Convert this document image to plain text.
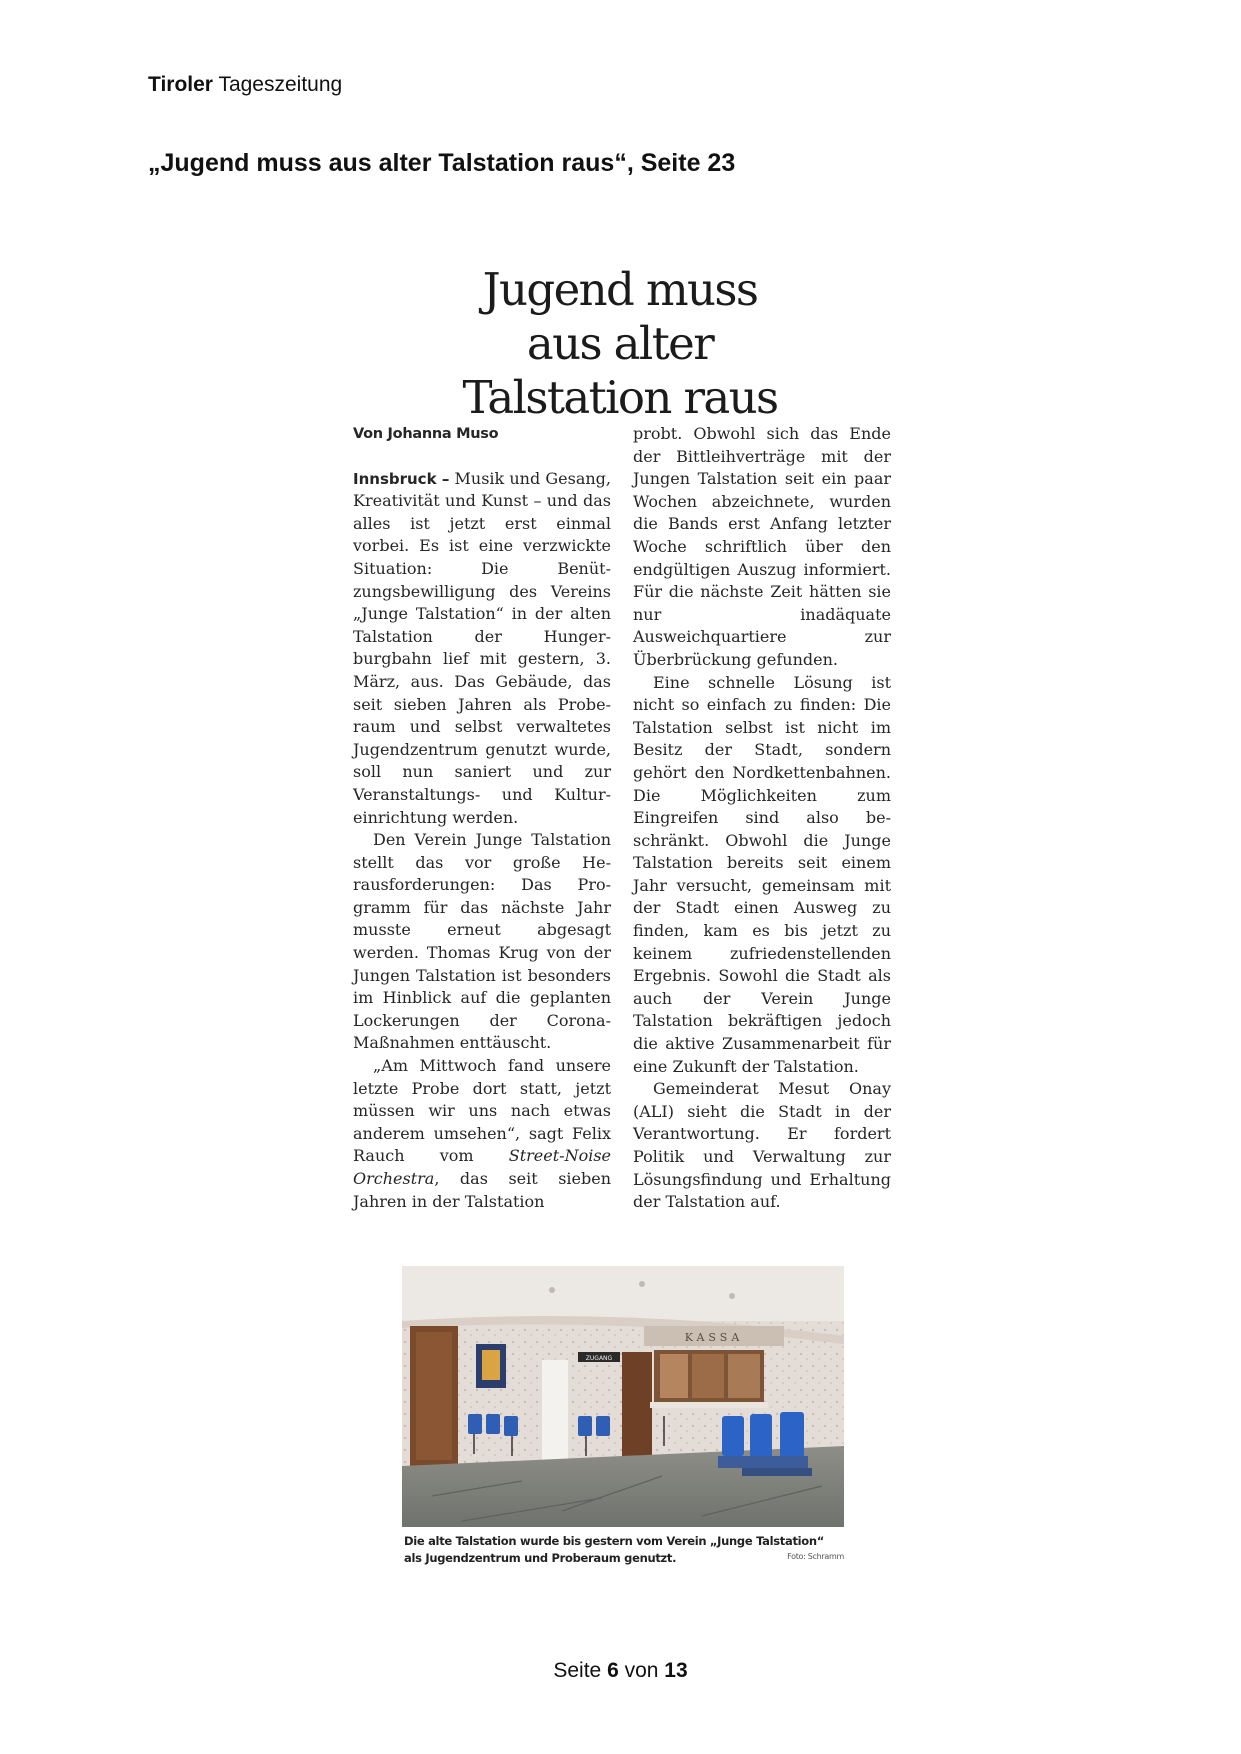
Tiroler Tageszeitung
„Jugend muss aus alter Talstation raus“, Seite 23
Jugend muss
aus alter
Talstation raus
Von Johanna Muso

Innsbruck – Musik und Gesang, Kreativität und Kunst – und das alles ist jetzt erst einmal vorbei. Es ist eine verzwickte Situation: Die Benützungsbewilligung des Vereins „Junge Talstation“ in der alten Talstation der Hungerburgbahn lief mit gestern, 3. März, aus. Das Gebäude, das seit sieben Jahren als Proberaum und selbst verwaltetes Jugendzentrum genutzt wurde, soll nun saniert und zur Veranstaltungs- und Kultureinrichtung werden.

Den Verein Junge Talstation stellt das vor große Herausforderungen: Das Programm für das nächste Jahr musste erneut abgesagt werden. Thomas Krug von der Jungen Talstation ist besonders im Hinblick auf die geplanten Lockerungen der Corona-Maßnahmen enttäuscht.

„Am Mittwoch fand unsere letzte Probe dort statt, jetzt müssen wir uns nach etwas anderem umsehen“, sagt Felix Rauch vom Street-Noise Orchestra, das seit sieben Jahren in der Talstation

probt. Obwohl sich das Ende der Bittleihverträge mit der Jungen Talstation seit ein paar Wochen abzeichnete, wurden die Bands erst Anfang letzter Woche schriftlich über den endgültigen Auszug informiert. Für die nächste Zeit hätten sie nur inadäquate Ausweichquartiere zur Überbrückung gefunden.

Eine schnelle Lösung ist nicht so einfach zu finden: Die Talstation selbst ist nicht im Besitz der Stadt, sondern gehört den Nordkettenbahnen. Die Möglichkeiten zum Eingreifen sind also beschränkt. Obwohl die Junge Talstation bereits seit einem Jahr versucht, gemeinsam mit der Stadt einen Ausweg zu finden, kam es bis jetzt zu keinem zufriedenstellenden Ergebnis. Sowohl die Stadt als auch der Verein Junge Talstation bekräftigen jedoch die aktive Zusammenarbeit für eine Zukunft der Talstation.

Gemeinderat Mesut Onay (ALI) sieht die Stadt in der Verantwortung. Er fordert Politik und Verwaltung zur Lösungsfindung und Erhaltung der Talstation auf.

KASSA
ZUGANG
Die alte Talstation wurde bis gestern vom Verein „Junge Talstation“ als Jugendzentrum und Proberaum genutzt.	Foto: Schramm
Seite 6 von 13
